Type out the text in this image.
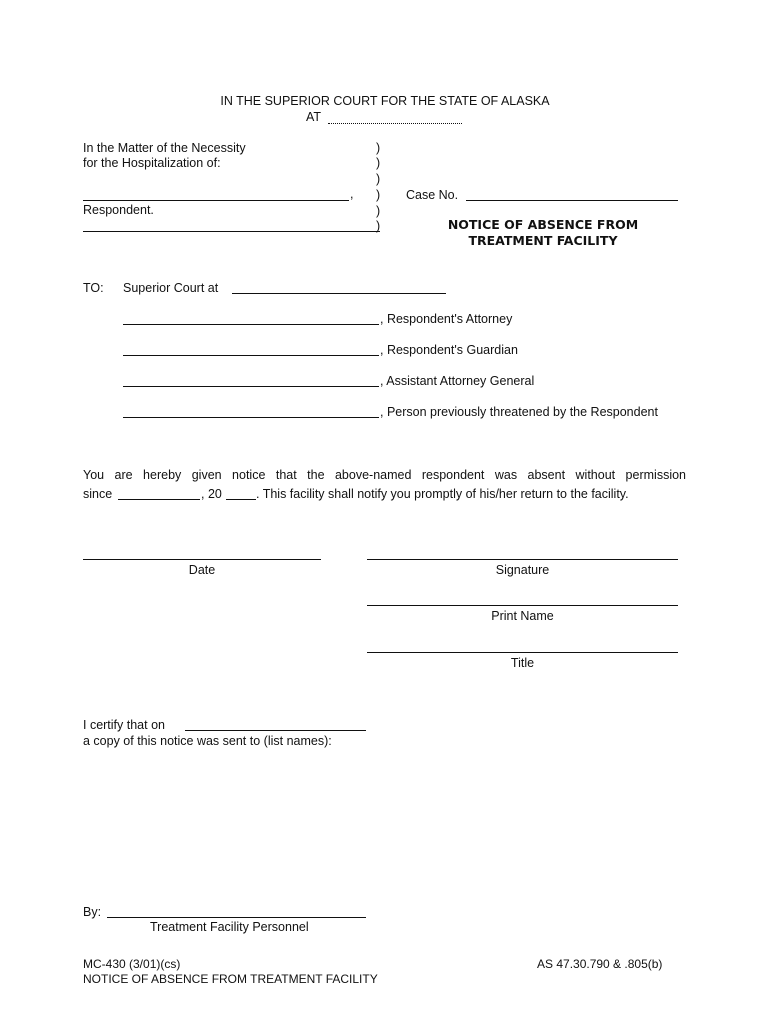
IN THE SUPERIOR COURT FOR THE STATE OF ALASKA
AT
In the Matter of the Necessity
for the Hospitalization of:
,
Respondent.
)
)
)
)
)
)
Case No.
NOTICE OF ABSENCE FROM
TREATMENT FACILITY
TO: Superior Court at
, Respondent's Attorney
, Respondent's Guardian
, Assistant Attorney General
, Person previously threatened by the Respondent
You are hereby given notice that the above-named respondent was absent without permission
since	, 20	. This facility shall notify you promptly of his/her return to the facility.
Date	Signature
Print Name
Title
I certify that on
a copy of this notice was sent to (list names):
By:
Treatment Facility Personnel
MC-430 (3/01)(cs)
NOTICE OF ABSENCE FROM TREATMENT FACILITY
AS 47.30.790 & .805(b)
